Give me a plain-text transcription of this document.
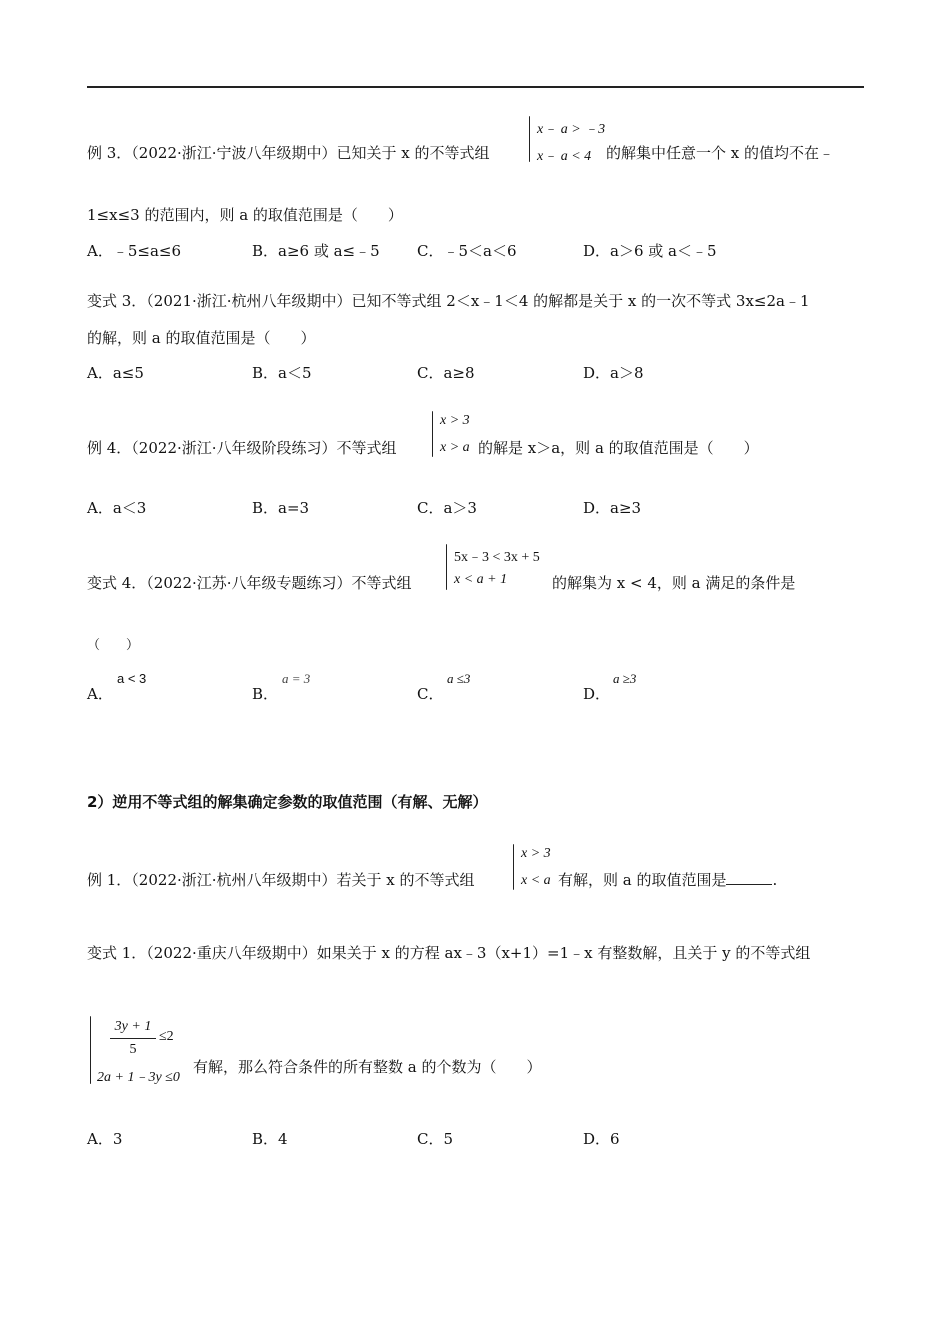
x﹣ a > ﹣3
x﹣ a < 4
例 3．（2022·浙江·宁波八年级期中）已知关于 x 的不等式组	的解集中任意一个 x 的值均不在﹣
1≤x≤3 的范围内，则 a 的取值范围是（　　）
A．﹣5≤a≤6	B．a≥6 或 a≤﹣5 C．﹣5＜a＜6	D．a＞6 或 a＜﹣5
变式 3．（2021·浙江·杭州八年级期中）已知不等式组 2＜x﹣1＜4 的解都是关于 x 的一次不等式 3x≤2a﹣1
的解，则 a 的取值范围是（　　）
A．a≤5	B．a＜5	C．a≥8	D．a＞8
x > 3
x > a
例 4．（2022·浙江·八年级阶段练习）不等式组	的解是 x＞a，则 a 的取值范围是（　　）
A．a＜3	B．a=3	C．a＞3	D．a≥3
5x﹣3 < 3x + 5
x < a + 1
变式 4．（2022·江苏·八年级专题练习）不等式组	的解集为 x < 4，则 a 满足的条件是
（　　）
A．
a < 3
B．
a = 3
C．
a ≤3
D．
a ≥3
2）逆用不等式组的解集确定参数的取值范围（有解、无解）
x > 3
x < a
例 1．（2022·浙江·杭州八年级期中）若关于 x 的不等式组	有解，则 a 的取值范围是	.
变式 1．（2022·重庆八年级期中）如果关于 x 的方程 ax﹣3（x+1）=1﹣x 有整数解，且关于 y 的不等式组
3y + 1
5
≤2
2a + 1﹣3y ≤0
有解，那么符合条件的所有整数 a 的个数为（　　）
A．3	B．4	C．5	D．6
